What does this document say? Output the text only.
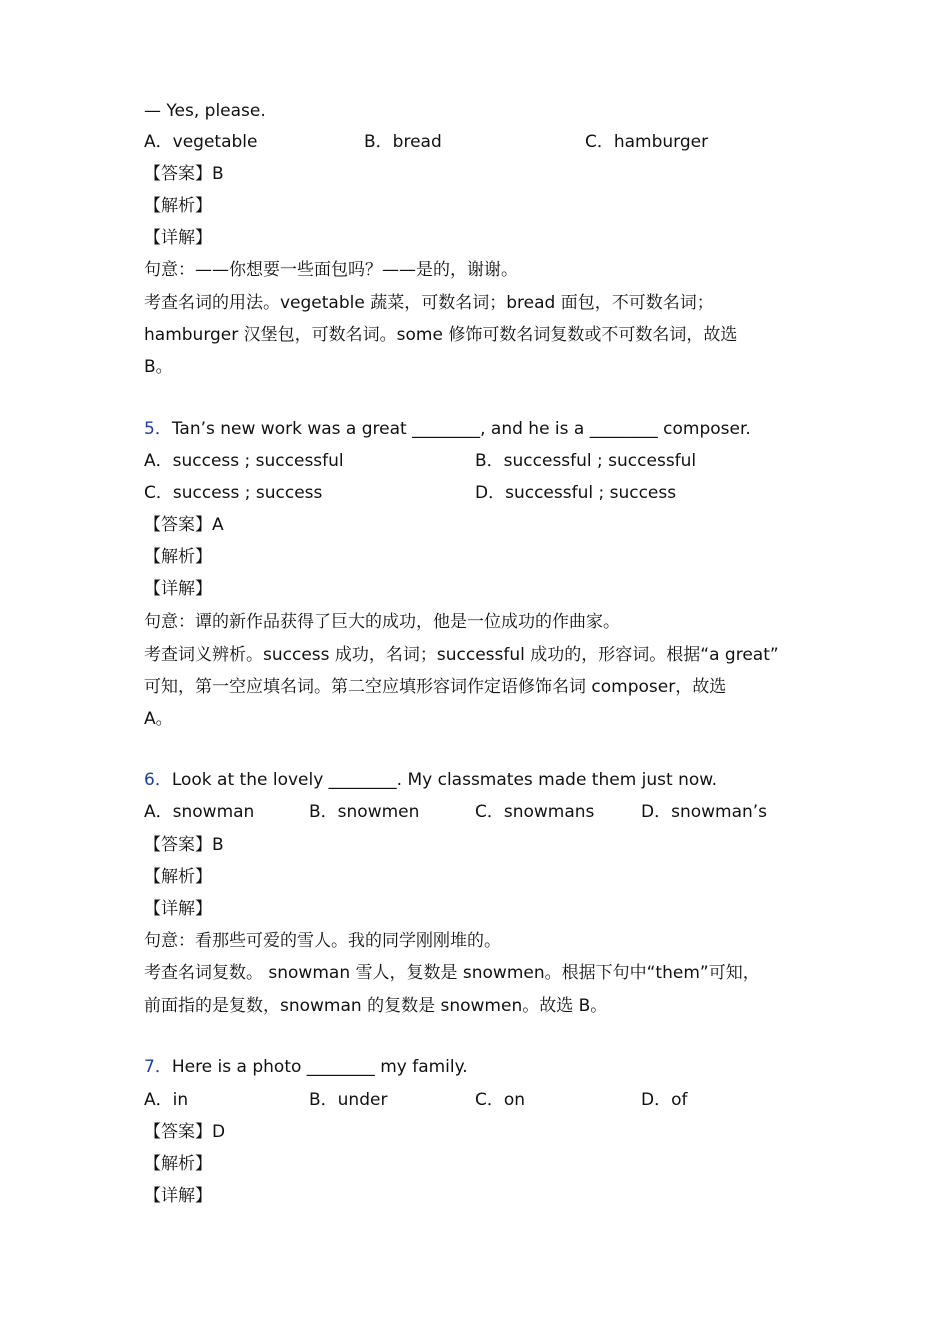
— Yes, please.
A．vegetable	B．bread	C．hamburger
【答案】B
【解析】
【详解】
句意：——你想要一些面包吗？——是的，谢谢。
考查名词的用法。vegetable 蔬菜，可数名词；bread 面包，不可数名词；
hamburger 汉堡包，可数名词。some 修饰可数名词复数或不可数名词，故选
B。
5．Tan’s new work was a great ________, and he is a ________ composer.
A．success ; successful	B．successful ; successful
C．success ; success	D．successful ; success
【答案】A
【解析】
【详解】
句意：谭的新作品获得了巨大的成功，他是一位成功的作曲家。
考查词义辨析。success 成功，名词；successful 成功的，形容词。根据“a great”
可知，第一空应填名词。第二空应填形容词作定语修饰名词 composer，故选
A。
6．Look at the lovely ________. My classmates made them just now.
A．snowman	B．snowmen	C．snowmans	D．snowman’s
【答案】B
【解析】
【详解】
句意：看那些可爱的雪人。我的同学刚刚堆的。
考查名词复数。 snowman 雪人，复数是 snowmen。根据下句中“them”可知，
前面指的是复数，snowman 的复数是 snowmen。故选 B。
7．Here is a photo ________ my family.
A．in	B．under	C．on	D．of
【答案】D
【解析】
【详解】
